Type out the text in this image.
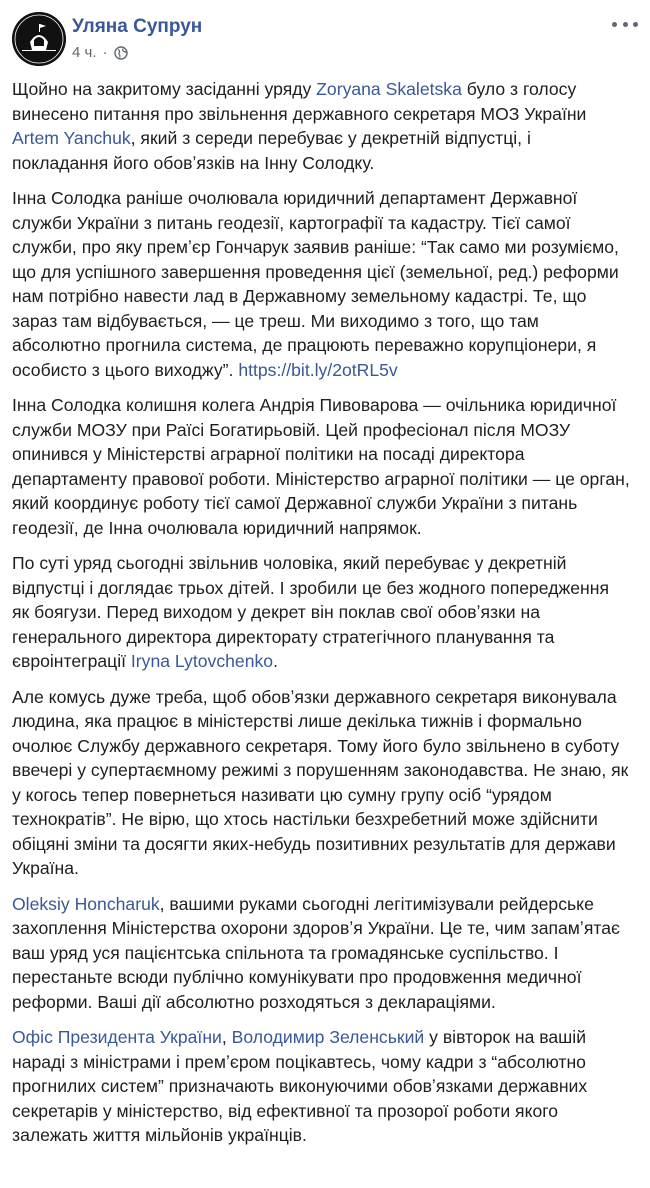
Уляна Супрун
4 ч. ·

Щойно на закритому засіданні уряду Zoryana Skaletska було з голосу винесено питання про звільнення державного секретаря МОЗ України Artem Yanchuk, який з середи перебуває у декретній відпустці, і покладання його обовʼязків на Інну Солодку.

Інна Солодка раніше очолювала юридичний департамент Державної служби України з питань геодезії, картографії та кадастру. Тієї самої служби, про яку премʼєр Гончарук заявив раніше: “Так само ми розуміємо, що для успішного завершення проведення цієї (земельної, ред.) реформи нам потрібно навести лад в Державному земельному кадастрі. Те, що зараз там відбувається, — це треш. Ми виходимо з того, що там абсолютно прогнила система, де працюють переважно корупціонери, я особисто з цього виходжу”. https://bit.ly/2otRL5v

Інна Солодка колишня колега Андрія Пивоварова — очільника юридичної служби МОЗУ при Раїсі Богатирьовій. Цей професіонал після МОЗУ опинився у Міністерстві аграрної політики на посаді директора департаменту правової роботи. Міністерство аграрної політики — це орган, який координує роботу тієї самої Державної служби України з питань геодезії, де Інна очолювала юридичний напрямок.

По суті уряд сьогодні звільнив чоловіка, який перебуває у декретній відпустці і доглядає трьох дітей. І зробили це без жодного попередження як боягузи. Перед виходом у декрет він поклав свої обовʼязки на генерального директора директорату стратегічного планування та євроінтеграції Iryna Lytovchenko.

Але комусь дуже треба, щоб обовʼязки державного секретаря виконувала людина, яка працює в міністерстві лише декілька тижнів і формально очолює Службу державного секретаря. Тому його було звільнено в суботу ввечері у супертаємному режимі з порушенням законодавства. Не знаю, як у когось тепер повернеться називати цю сумну групу осіб “урядом технократів”. Не вірю, що хтось настільки безхребетний може здійснити обіцяні зміни та досягти яких-небудь позитивних результатів для держави Україна.

Oleksiy Honcharuk, вашими руками сьогодні легітимізували рейдерське захоплення Міністерства охорони здоровʼя України. Це те, чим запамʼятає ваш уряд уся пацієнтська спільнота та громадянське суспільство. І перестаньте всюди публічно комунікувати про продовження медичної реформи. Ваші дії абсолютно розходяться з деклараціями.

Офіс Президента України, Володимир Зеленський у вівторок на вашій нараді з міністрами і премʼєром поцікавтесь, чому кадри з “абсолютно прогнилих систем” призначають виконуючими обовʼязками державних секретарів у міністерство, від ефективної та прозорої роботи якого залежать життя мільйонів українців.
